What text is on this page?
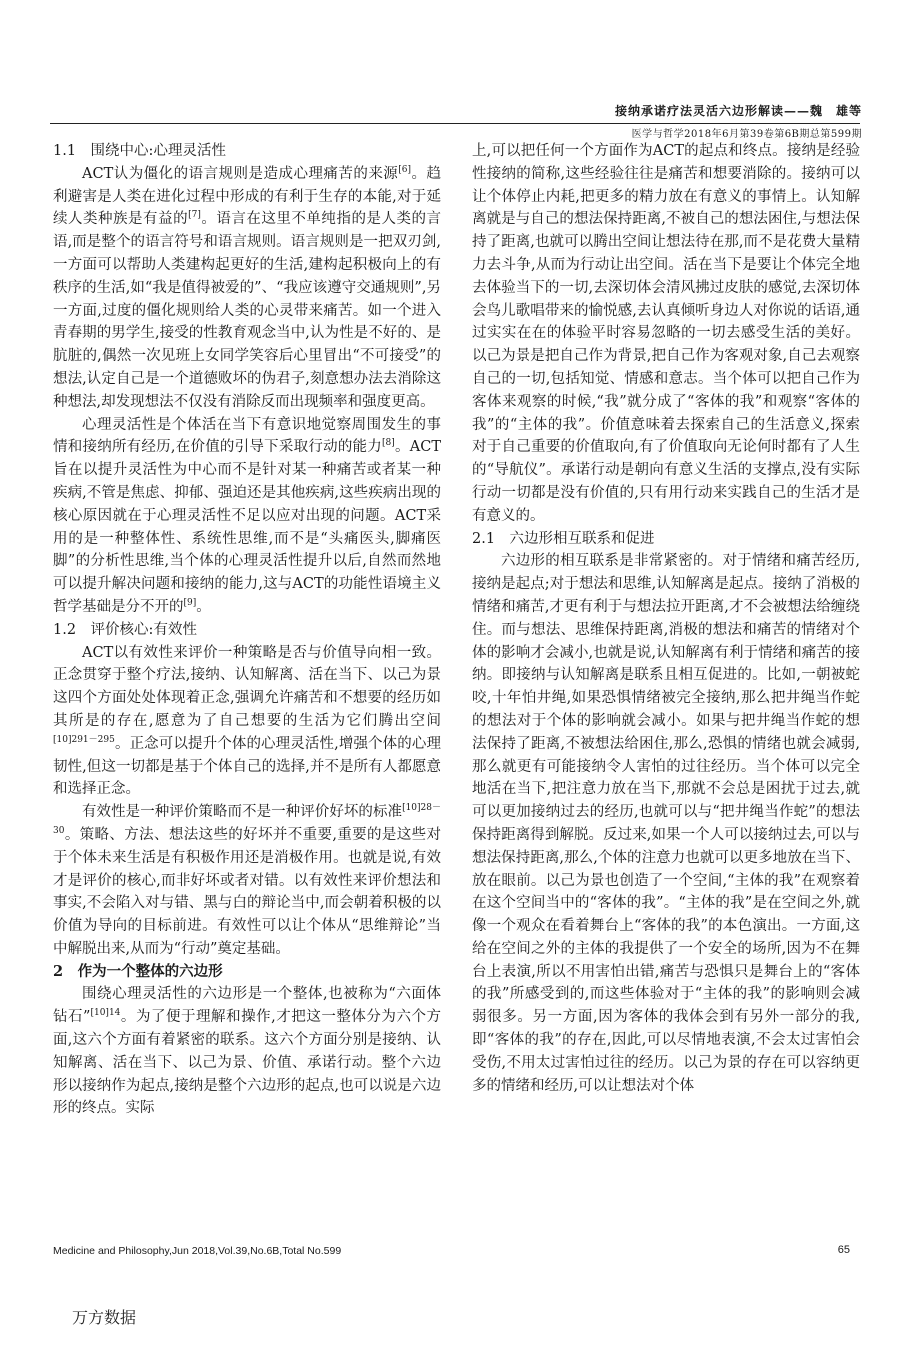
接纳承诺疗法灵活六边形解读——魏　雄等
医学与哲学2018年6月第39卷第6B期总第599期
1.1　围绕中心:心理灵活性

ACT认为僵化的语言规则是造成心理痛苦的来源[6]。趋利避害是人类在进化过程中形成的有利于生存的本能,对于延续人类种族是有益的[7]。语言在这里不单纯指的是人类的言语,而是整个的语言符号和语言规则。语言规则是一把双刃剑,一方面可以帮助人类建构起更好的生活,建构起积极向上的有秩序的生活,如“我是值得被爱的”、“我应该遵守交通规则”,另一方面,过度的僵化规则给人类的心灵带来痛苦。如一个进入青春期的男学生,接受的性教育观念当中,认为性是不好的、是肮脏的,偶然一次见班上女同学笑容后心里冒出“不可接受”的想法,认定自己是一个道德败坏的伪君子,刻意想办法去消除这种想法,却发现想法不仅没有消除反而出现频率和强度更高。

心理灵活性是个体活在当下有意识地觉察周围发生的事情和接纳所有经历,在价值的引导下采取行动的能力[8]。ACT旨在以提升灵活性为中心而不是针对某一种痛苦或者某一种疾病,不管是焦虑、抑郁、强迫还是其他疾病,这些疾病出现的核心原因就在于心理灵活性不足以应对出现的问题。ACT采用的是一种整体性、系统性思维,而不是“头痛医头,脚痛医脚”的分析性思维,当个体的心理灵活性提升以后,自然而然地可以提升解决问题和接纳的能力,这与ACT的功能性语境主义哲学基础是分不开的[9]。

1.2　评价核心:有效性

ACT以有效性来评价一种策略是否与价值导向相一致。正念贯穿于整个疗法,接纳、认知解离、活在当下、以己为景这四个方面处处体现着正念,强调允许痛苦和不想要的经历如其所是的存在,愿意为了自己想要的生活为它们腾出空间$^{[10]291-295}$。正念可以提升个体的心理灵活性,增强个体的心理韧性,但这一切都是基于个体自己的选择,并不是所有人都愿意和选择正念。

有效性是一种评价策略而不是一种评价好坏的标准$^{[10]28-30}$。策略、方法、想法这些的好坏并不重要,重要的是这些对于个体未来生活是有积极作用还是消极作用。也就是说,有效才是评价的核心,而非好坏或者对错。以有效性来评价想法和事实,不会陷入对与错、黑与白的辩论当中,而会朝着积极的以价值为导向的目标前进。有效性可以让个体从“思维辩论”当中解脱出来,从而为“行动”奠定基础。

2　作为一个整体的六边形

围绕心理灵活性的六边形是一个整体,也被称为“六面体钻石”$^{[10]14}$。为了便于理解和操作,才把这一整体分为六个方面,这六个方面有着紧密的联系。这六个方面分别是接纳、认知解离、活在当下、以己为景、价值、承诺行动。整个六边形以接纳作为起点,接纳是整个六边形的起点,也可以说是六边形的终点。实际

上,可以把任何一个方面作为ACT的起点和终点。接纳是经验性接纳的简称,这些经验往往是痛苦和想要消除的。接纳可以让个体停止内耗,把更多的精力放在有意义的事情上。认知解离就是与自己的想法保持距离,不被自己的想法困住,与想法保持了距离,也就可以腾出空间让想法待在那,而不是花费大量精力去斗争,从而为行动让出空间。活在当下是要让个体完全地去体验当下的一切,去深切体会清风拂过皮肤的感觉,去深切体会鸟儿歌唱带来的愉悦感,去认真倾听身边人对你说的话语,通过实实在在的体验平时容易忽略的一切去感受生活的美好。以己为景是把自己作为背景,把自己作为客观对象,自己去观察自己的一切,包括知觉、情感和意志。当个体可以把自己作为客体来观察的时候,“我”就分成了“客体的我”和观察“客体的我”的“主体的我”。价值意味着去探索自己的生活意义,探索对于自己重要的价值取向,有了价值取向无论何时都有了人生的“导航仪”。承诺行动是朝向有意义生活的支撑点,没有实际行动一切都是没有价值的,只有用行动来实践自己的生活才是有意义的。

2.1　六边形相互联系和促进

六边形的相互联系是非常紧密的。对于情绪和痛苦经历,接纳是起点;对于想法和思维,认知解离是起点。接纳了消极的情绪和痛苦,才更有利于与想法拉开距离,才不会被想法给缠绕住。而与想法、思维保持距离,消极的想法和痛苦的情绪对个体的影响才会减小,也就是说,认知解离有利于情绪和痛苦的接纳。即接纳与认知解离是联系且相互促进的。比如,一朝被蛇咬,十年怕井绳,如果恐惧情绪被完全接纳,那么把井绳当作蛇的想法对于个体的影响就会减小。如果与把井绳当作蛇的想法保持了距离,不被想法给困住,那么,恐惧的情绪也就会减弱,那么就更有可能接纳令人害怕的过往经历。当个体可以完全地活在当下,把注意力放在当下,那就不会总是困扰于过去,就可以更加接纳过去的经历,也就可以与“把井绳当作蛇”的想法保持距离得到解脱。反过来,如果一个人可以接纳过去,可以与想法保持距离,那么,个体的注意力也就可以更多地放在当下、放在眼前。以己为景也创造了一个空间,“主体的我”在观察着在这个空间当中的“客体的我”。“主体的我”是在空间之外,就像一个观众在看着舞台上“客体的我”的本色演出。一方面,这给在空间之外的主体的我提供了一个安全的场所,因为不在舞台上表演,所以不用害怕出错,痛苦与恐惧只是舞台上的“客体的我”所感受到的,而这些体验对于“主体的我”的影响则会减弱很多。另一方面,因为客体的我体会到有另外一部分的我,即“客体的我”的存在,因此,可以尽情地表演,不会太过害怕会受伤,不用太过害怕过往的经历。以己为景的存在可以容纳更多的情绪和经历,可以让想法对个体

Medicine and Philosophy,Jun 2018,Vol.39,No.6B,Total No.599	65
万方数据
